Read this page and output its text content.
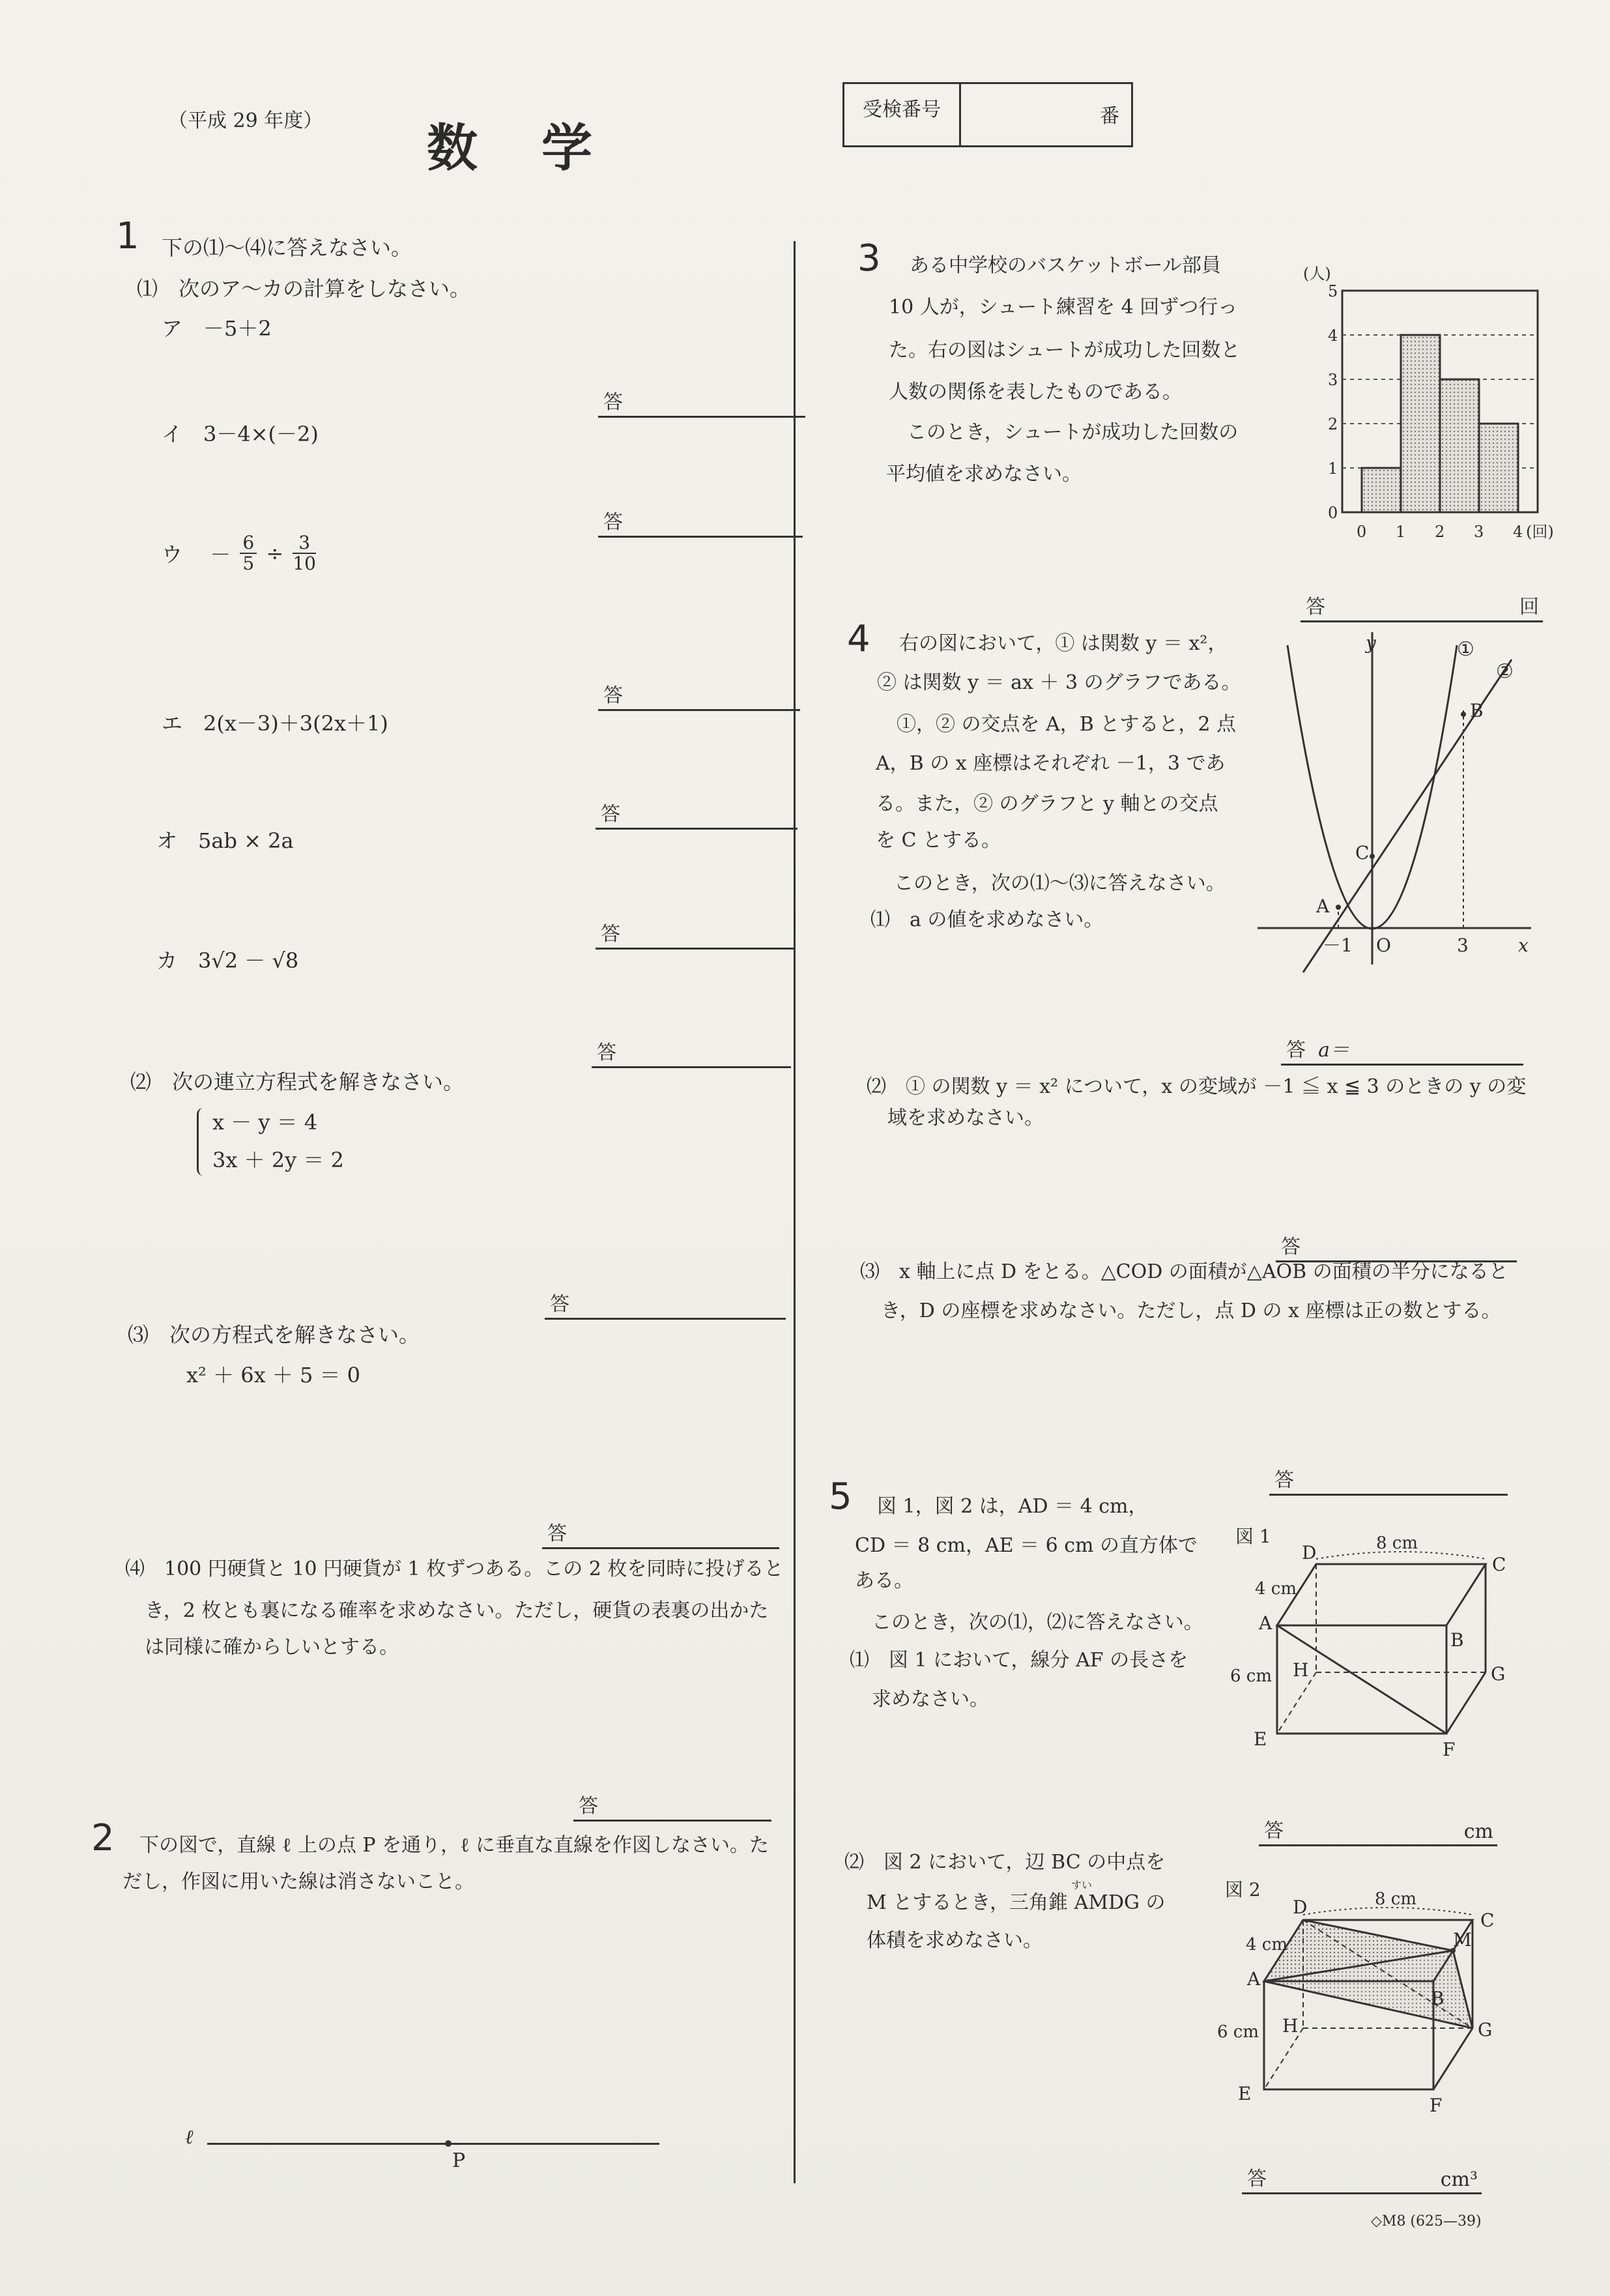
（平成 29 年度） 数　学
受検番号	番
1 下の⑴〜⑷に答えなさい。
⑴　次のア〜カの計算をしなさい。
ア  －5＋2
答
イ  3－4×(－2)
答
ウ  － $\frac{6}{5} \div \frac{3}{10}$
答
エ  2(x－3)＋3(2x＋1)
答
オ  5ab × 2a
答
カ  3√2 － √8
答
⑵　次の連立方程式を解きなさい。
x － y ＝ 4
3x ＋ 2y ＝ 2
答
⑶　次の方程式を解きなさい。
x² ＋ 6x ＋ 5 ＝ 0
答
⑷　100 円硬貨と 10 円硬貨が 1 枚ずつある。この 2 枚を同時に投げると
き，2 枚とも裏になる確率を求めなさい。ただし，硬貨の表裏の出かた
は同様に確からしいとする。
答
2 下の図で，直線 ℓ 上の点 P を通り，ℓ に垂直な直線を作図しなさい。た
だし，作図に用いた線は消さないこと。
ℓ
P
3 ある中学校のバスケットボール部員
10 人が，シュート練習を 4 回ずつ行っ
た。右の図はシュートが成功した回数と
人数の関係を表したものである。
このとき，シュートが成功した回数の
平均値を求めなさい。
0
1
2
3
4
5
0 1 2 3 4 (回)
(人)
答	回
4 右の図において，① は関数 y ＝ x²，
② は関数 y ＝ ax ＋ 3 のグラフである。
①，② の交点を A，B とすると，2 点
A，B の x 座標はそれぞれ －1，3 であ
る。また，② のグラフと y 軸との交点
を C とする。
このとき，次の⑴〜⑶に答えなさい。
⑴　a の値を求めなさい。
y
x
①
②
A
B
C
O
－1	3
答 a＝
⑵　① の関数 y ＝ x² について，x の変域が －1 ≦ x ≦ 3 のときの y の変
域を求めなさい。
答
⑶　x 軸上に点 D をとる。△COD の面積が△AOB の面積の半分になると
き，D の座標を求めなさい。ただし，点 D の x 座標は正の数とする。
答
5 図 1，図 2 は，AD ＝ 4 cm，
CD ＝ 8 cm，AE ＝ 6 cm の直方体で
ある。
このとき，次の⑴，⑵に答えなさい。
⑴　図 1 において，線分 AF の長さを
求めなさい。
図 1	8 cm
4 cm
6 cm
D
C
A
B
H	G
E	F
答	cm
⑵　図 2 において，辺 BC の中点を
M とするとき，三角錐 AMDG の
すい
体積を求めなさい。
図 2	8 cm
4 cm
6 cm
D
C
A
B
M
H	G
E
F
答	cm³
◇M8 (625—39)
